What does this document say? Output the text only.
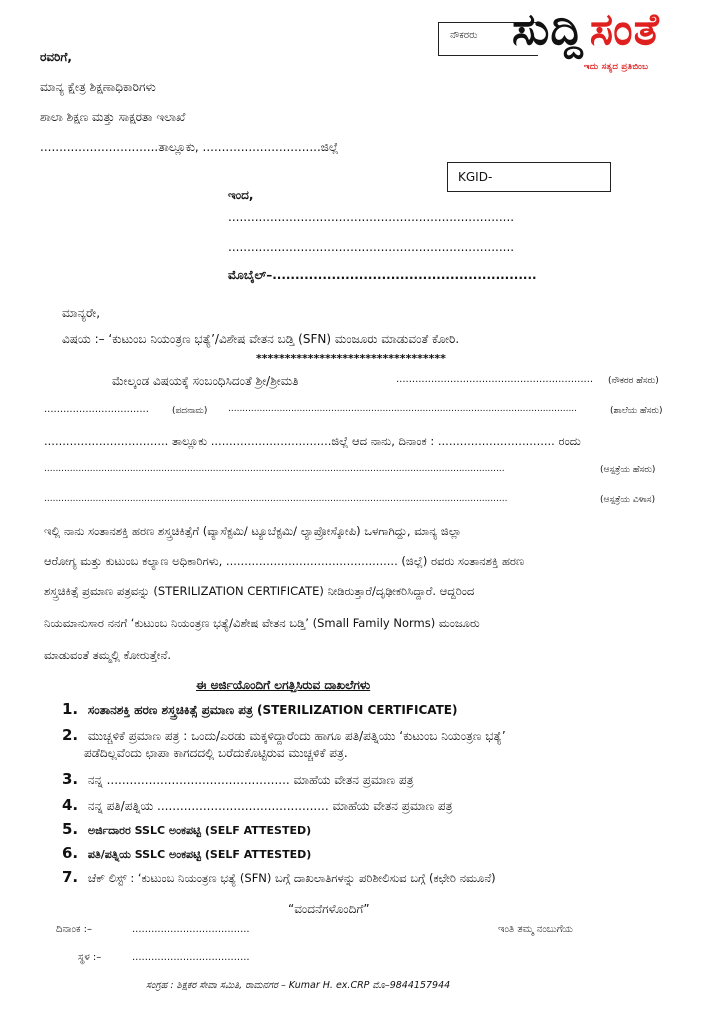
ನೌಕರರು ಸುದ್ದಿ ಸಂತೆ
ಇದು ಸತ್ಯದ ಪ್ರತಿಬಿಂಬ
ರವರಿಗೆ,
ಮಾನ್ಯ ಕ್ಷೇತ್ರ ಶಿಕ್ಷಣಾಧಿಕಾರಿಗಳು
ಶಾಲಾ ಶಿಕ್ಷಣ ಮತ್ತು ಸಾಕ್ಷರತಾ ಇಲಾಖೆ
...............................ತಾಲ್ಲೂಕು, ...............................ಜಿಲ್ಲೆ
KGID-
ಇಂದ,
...........................................................................
...........................................................................
ಮೊಬೈಲ್–..........................................................
ಮಾನ್ಯರೇ,
ವಿಷಯ :– ‘ಕುಟುಂಬ ನಿಯಂತ್ರಣ ಭತ್ಯೆ’/ವಿಶೇಷ ವೇತನ ಬಡ್ತಿ (SFN) ಮಂಜೂರು ಮಾಡುವಂತೆ ಕೋರಿ.
*********************************
ಮೇಲ್ಕಂಡ ವಿಷಯಕ್ಕೆ ಸಂಬಂಧಿಸಿದಂತೆ ಶ್ರೀ/ಶ್ರೀಮತಿ	.............................................................. (ನೌಕರರ ಹೆಸರು)
.................................	(ಪದನಾಮ) ..........................................................................................................................	(ಶಾಲೆಯ ಹೆಸರು)
.................................. ತಾಲ್ಲೂಕು .................................ಜಿಲ್ಲೆ ಆದ ನಾನು, ದಿನಾಂಕ : ................................ ರಂದು
.................................................................................................................................................................	(ಆಸ್ಪತ್ರೆಯ ಹೆಸರು)
..................................................................................................................................................................	(ಆಸ್ಪತ್ರೆಯ ವಿಳಾಸ)
ಇಲ್ಲಿ ನಾನು ಸಂತಾನಶಕ್ತಿ ಹರಣ ಶಸ್ತ್ರಚಿಕಿತ್ಸೆಗೆ (ವ್ಯಾಸೆಕ್ಟಮಿ/ ಟ್ಯೂಬೆಕ್ಟಮಿ/ ಲ್ಯಾಪ್ರೋಸ್ಕೋಪಿ) ಒಳಗಾಗಿದ್ದು, ಮಾನ್ಯ ಜಿಲ್ಲಾ
ಆರೋಗ್ಯ ಮತ್ತು ಕುಟುಂಬ ಕಲ್ಯಾಣ ಅಧಿಕಾರಿಗಳು, ............................................... (ಜಿಲ್ಲೆ) ರವರು ಸಂತಾನಶಕ್ತಿ ಹರಣ
ಶಸ್ತ್ರಚಿಕಿತ್ಸೆ ಪ್ರಮಾಣ ಪತ್ರವನ್ನು (STERILIZATION CERTIFICATE) ನೀಡಿರುತ್ತಾರೆ/ದೃಢೀಕರಿಸಿದ್ದಾರೆ. ಆದ್ದರಿಂದ
ನಿಯಮಾನುಸಾರ ನನಗೆ ‘ಕುಟುಂಬ ನಿಯಂತ್ರಣ ಭತ್ಯೆ/ವಿಶೇಷ ವೇತನ ಬಡ್ತಿ’ (Small Family Norms) ಮಂಜೂರು
ಮಾಡುವಂತೆ ತಮ್ಮಲ್ಲಿ ಕೋರುತ್ತೇನೆ.
ಈ ಅರ್ಜಿಯೊಂದಿಗೆ ಲಗತ್ತಿಸಿರುವ ದಾಖಲೆಗಳು
1. ಸಂತಾನಶಕ್ತಿ ಹರಣ ಶಸ್ತ್ರಚಿಕಿತ್ಸೆ ಪ್ರಮಾಣ ಪತ್ರ (STERILIZATION CERTIFICATE)
2. ಮುಚ್ಚಳಿಕೆ ಪ್ರಮಾಣ ಪತ್ರ : ಒಂದು/ಎರಡು ಮಕ್ಕಳಿದ್ದಾರೆಂದು ಹಾಗೂ ಪತಿ/ಪತ್ನಿಯು ‘ಕುಟುಂಬ ನಿಯಂತ್ರಣ ಭತ್ಯೆ’
ಪಡೆದಿಲ್ಲವೆಂದು ಛಾಪಾ ಕಾಗದದಲ್ಲಿ ಬರೆದುಕೊಟ್ಟಿರುವ ಮುಚ್ಚಳಿಕೆ ಪತ್ರ.
3. ನನ್ನ ................................................ ಮಾಹೆಯ ವೇತನ ಪ್ರಮಾಣ ಪತ್ರ
4. ನನ್ನ ಪತಿ/ಪತ್ನಿಯ ............................................. ಮಾಹೆಯ ವೇತನ ಪ್ರಮಾಣ ಪತ್ರ
5. ಅರ್ಜಿದಾರರ SSLC ಅಂಕಪಟ್ಟಿ (SELF ATTESTED)
6. ಪತಿ/ಪತ್ನಿಯ SSLC ಅಂಕಪಟ್ಟಿ (SELF ATTESTED)
7. ಚೆಕ್ ಲಿಸ್ಟ್ : ‘ಕುಟುಂಬ ನಿಯಂತ್ರಣ ಭತ್ಯೆ (SFN) ಬಗ್ಗೆ ದಾಖಲಾತಿಗಳನ್ನು ಪರಿಶೀಲಿಸುವ ಬಗ್ಗೆ (ಕಛೇರಿ ನಮೂನೆ)
“ವಂದನೆಗಳೊಂದಿಗೆ”
ದಿನಾಂಕ :–	.....................................	ಇಂತಿ ತಮ್ಮ ನಂಬುಗೆಯ
ಸ್ಥಳ :–	.....................................
ಸಂಗ್ರಹ : ಶಿಕ್ಷಕರ ಸೇವಾ ಸಮಿತಿ, ರಾಮನಗರ – Kumar H. ex.CRP ಮೊ–9844157944
